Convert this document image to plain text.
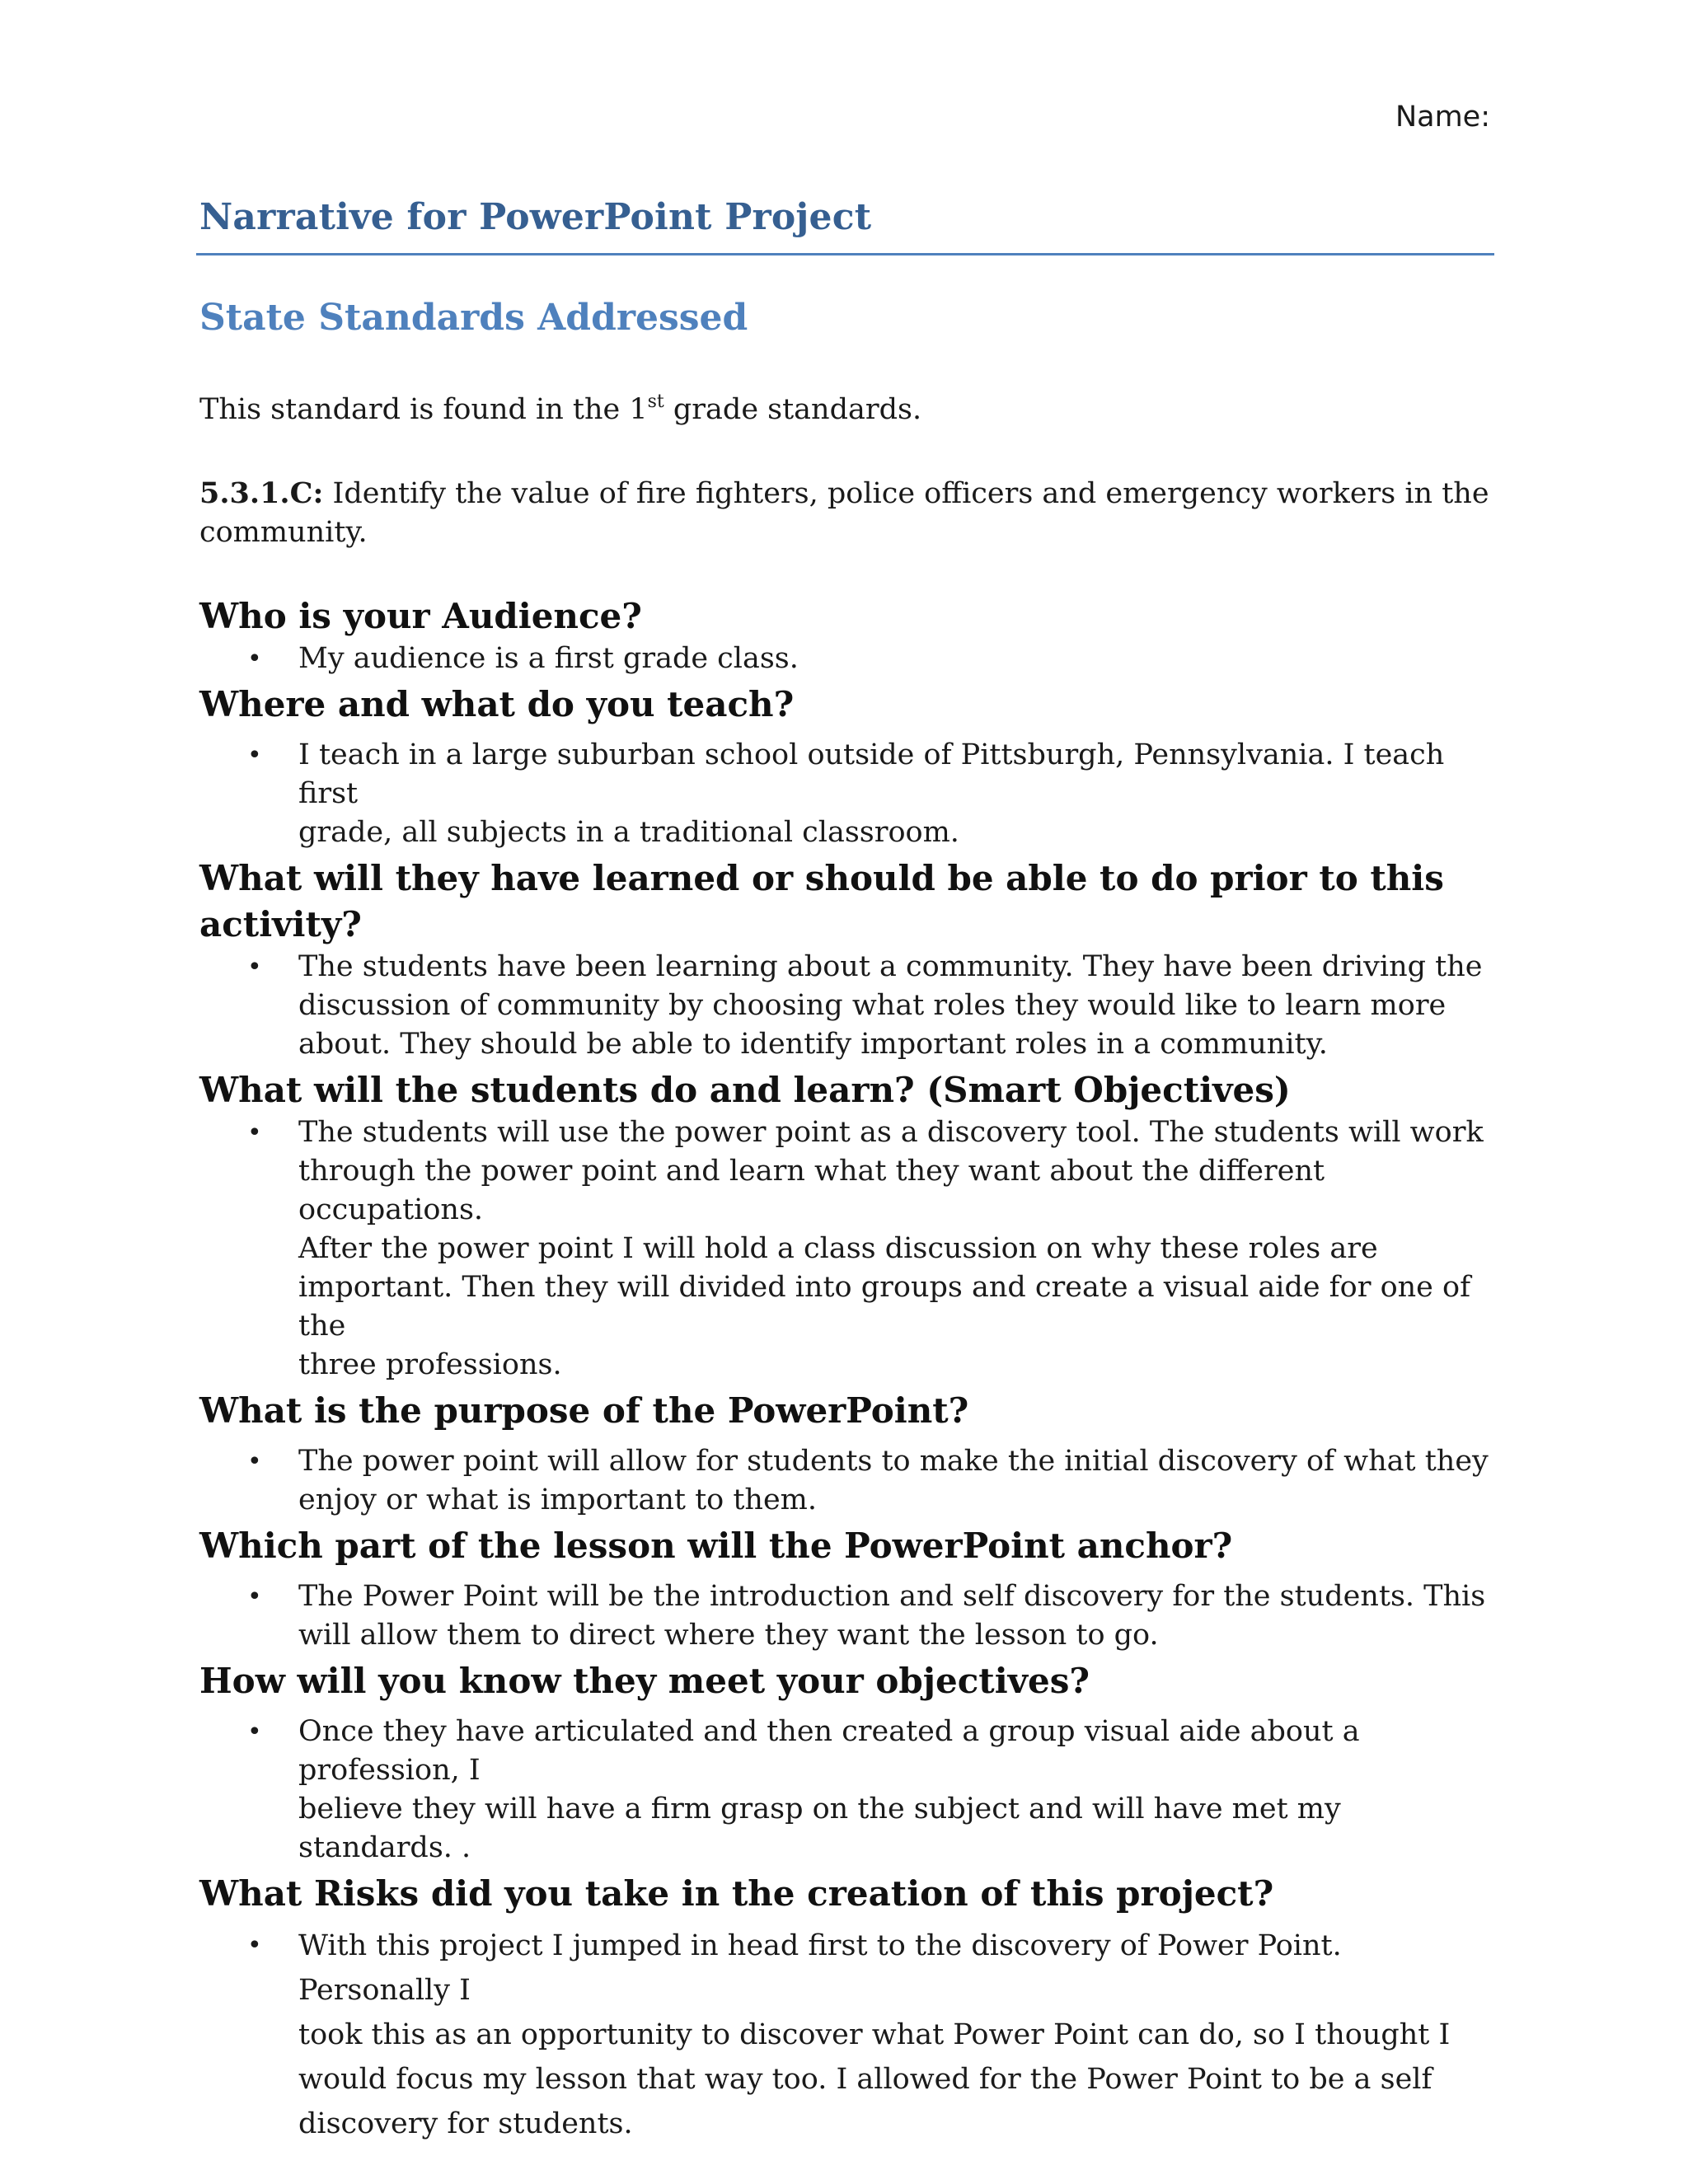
Name:
Narrative for PowerPoint Project
State Standards Addressed
This standard is found in the 1st grade standards.
5.3.1.C: Identify the value of fire fighters, police officers and emergency workers in the
community.
Who is your Audience?
• My audience is a first grade class.
Where and what do you teach?
• I teach in a large suburban school outside of Pittsburgh, Pennsylvania. I teach first
grade, all subjects in a traditional classroom.
What will they have learned or should be able to do prior to this activity?
• The students have been learning about a community. They have been driving the
discussion of community by choosing what roles they would like to learn more
about. They should be able to identify important roles in a community.
What will the students do and learn? (Smart Objectives)
• The students will use the power point as a discovery tool. The students will work
through the power point and learn what they want about the different occupations.
After the power point I will hold a class discussion on why these roles are
important. Then they will divided into groups and create a visual aide for one of the
three professions.
What is the purpose of the PowerPoint?
• The power point will allow for students to make the initial discovery of what they
enjoy or what is important to them.
Which part of the lesson will the PowerPoint anchor?
• The Power Point will be the introduction and self discovery for the students. This
will allow them to direct where they want the lesson to go.
How will you know they meet your objectives?
• Once they have articulated and then created a group visual aide about a profession, I
believe they will have a firm grasp on the subject and will have met my standards. .
What Risks did you take in the creation of this project?
• With this project I jumped in head first to the discovery of Power Point. Personally I
took this as an opportunity to discover what Power Point can do, so I thought I
would focus my lesson that way too. I allowed for the Power Point to be a self
discovery for students.
